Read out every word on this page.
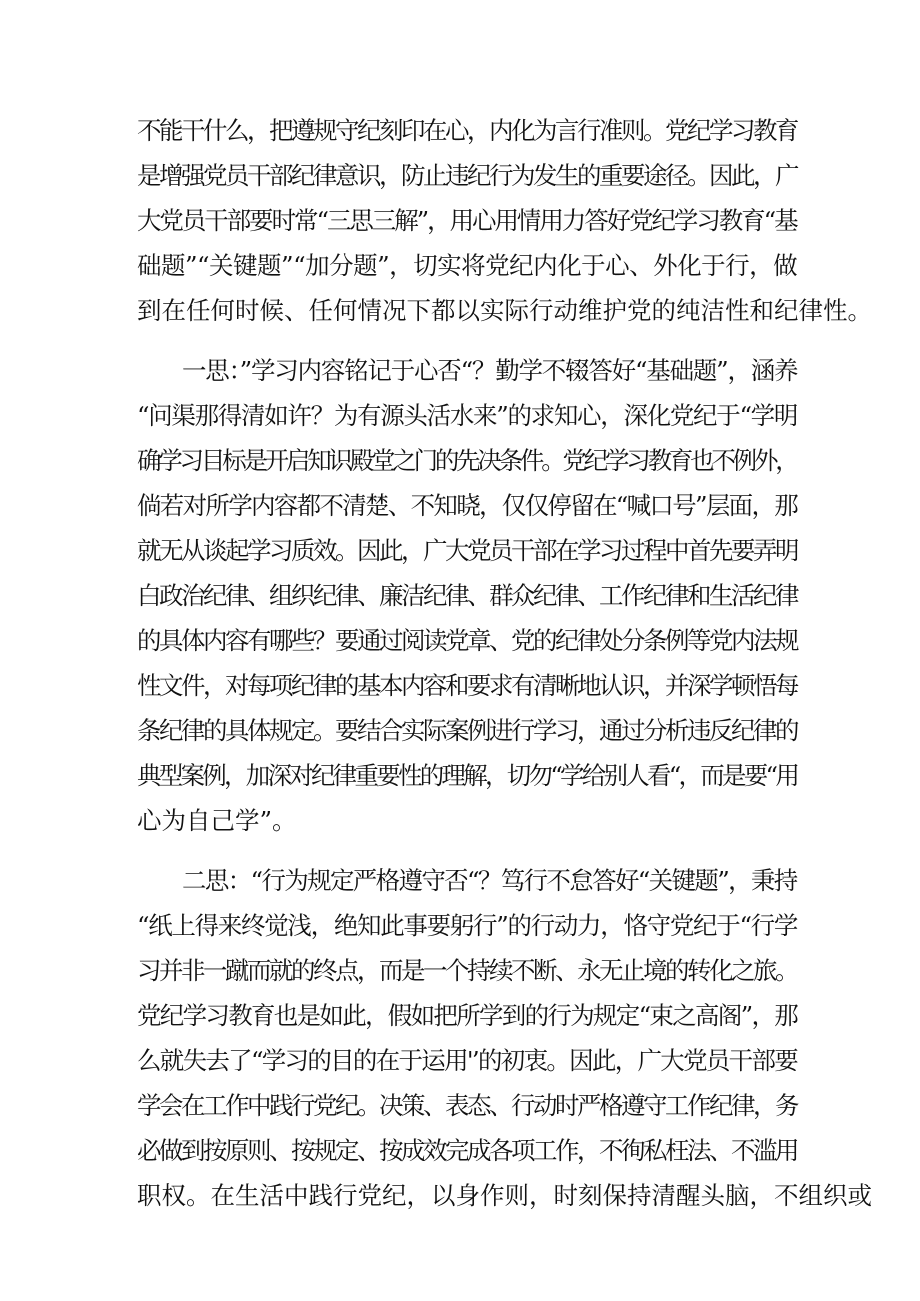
不能干什么，把遵规守纪刻印在心，内化为言行准则。党纪学习教育
是增强党员干部纪律意识，防止违纪行为发生的重要途径。因此，广
大党员干部要时常“三思三解”，用心用情用力答好党纪学习教育“基
础题”“关键题”“加分题”，切实将党纪内化于心、外化于行，做
到在任何时候、任何情况下都以实际行动维护党的纯洁性和纪律性。
一思：”学习内容铭记于心否“？勤学不辍答好“基础题”，涵养
“问渠那得清如许？为有源头活水来”的求知心，深化党纪于“学明
确学习目标是开启知识殿堂之门的先决条件。党纪学习教育也不例外，
倘若对所学内容都不清楚、不知晓，仅仅停留在“喊口号”层面，那
就无从谈起学习质效。因此，广大党员干部在学习过程中首先要弄明
白政治纪律、组织纪律、廉洁纪律、群众纪律、工作纪律和生活纪律
的具体内容有哪些？要通过阅读党章、党的纪律处分条例等党内法规
性文件，对每项纪律的基本内容和要求有清晰地认识，并深学顿悟每
条纪律的具体规定。要结合实际案例进行学习，通过分析违反纪律的
典型案例，加深对纪律重要性的理解，切勿“学给别人看“，而是要“用
心为自己学”。
二思：“行为规定严格遵守否“？笃行不怠答好“关键题”，秉持
“纸上得来终觉浅，绝知此事要躬行”的行动力，恪守党纪于“行学
习并非一蹴而就的终点，而是一个持续不断、永无止境的转化之旅。
党纪学习教育也是如此，假如把所学到的行为规定“束之高阁”，那
么就失去了“学习的目的在于运用'’的初衷。因此，广大党员干部要
学会在工作中践行党纪。决策、表态、行动时严格遵守工作纪律，务
必做到按原则、按规定、按成效完成各项工作，不徇私枉法、不滥用
职权。在生活中践行党纪，以身作则，时刻保持清醒头脑，不组织或
